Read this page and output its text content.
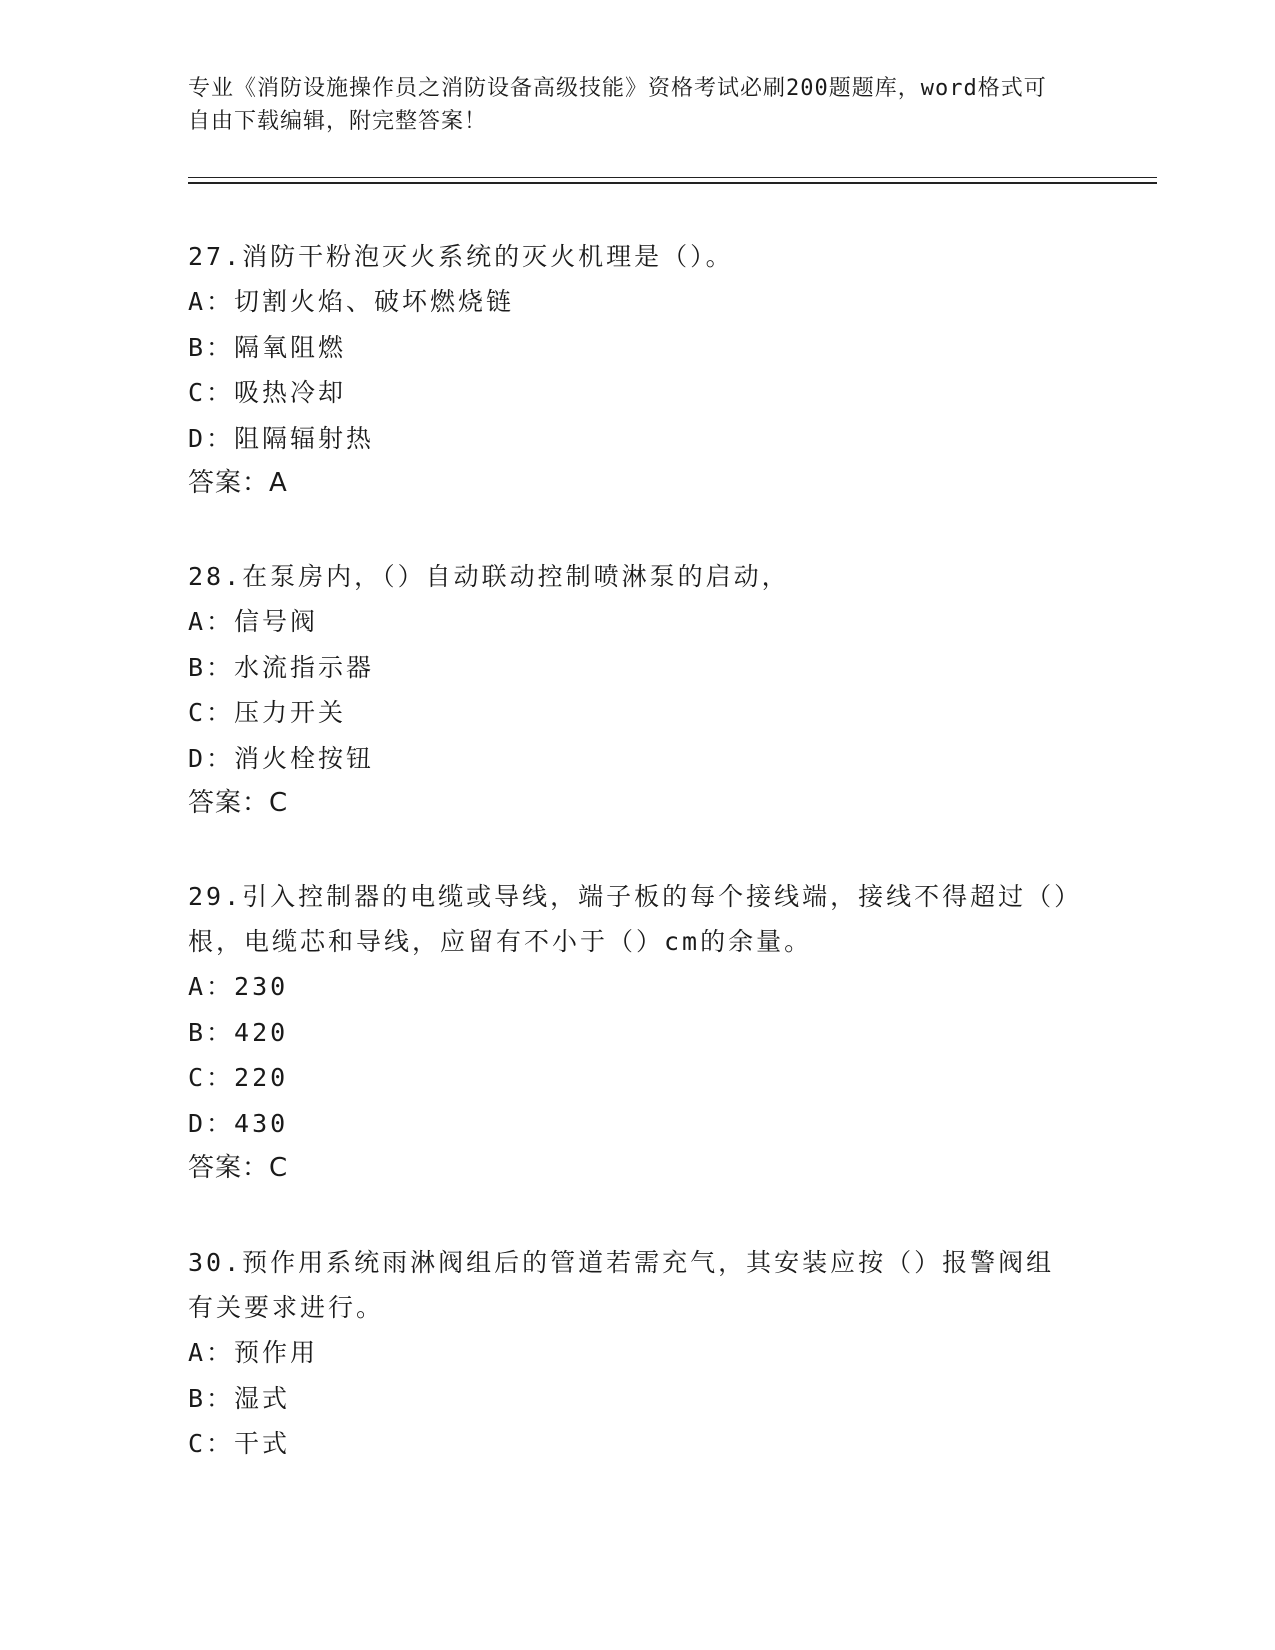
专业《消防设施操作员之消防设备高级技能》资格考试必刷200题题库，word格式可自由下载编辑，附完整答案！

27.消防干粉泡灭火系统的灭火机理是（）。

A：切割火焰、破坏燃烧链
B：隔氧阻燃
C：吸热冷却
D：阻隔辐射热
答案：A

28.在泵房内，（）自动联动控制喷淋泵的启动，

A：信号阀
B：水流指示器
C：压力开关
D：消火栓按钮
答案：C

29.引入控制器的电缆或导线，端子板的每个接线端，接线不得超过（）根，电缆芯和导线，应留有不小于（）cm的余量。

A：230
B：420
C：220
D：430
答案：C

30.预作用系统雨淋阀组后的管道若需充气，其安装应按（）报警阀组有关要求进行。

A：预作用
B：湿式
C：干式
